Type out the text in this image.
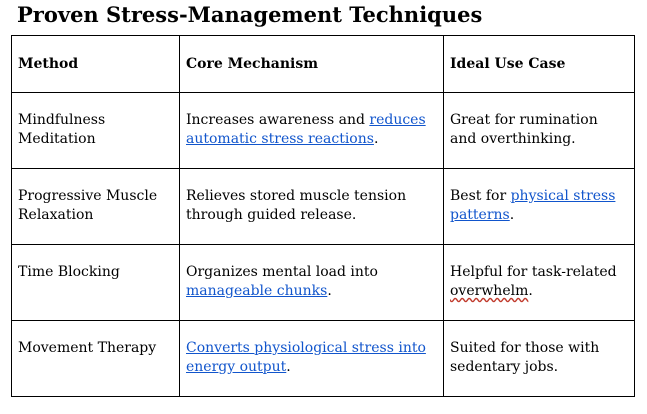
Proven Stress-Management Techniques
Method	Core Mechanism	Ideal Use Case
Mindfulness Meditation	Increases awareness and reduces automatic stress reactions.	Great for rumination and overthinking.
Progressive Muscle Relaxation	Relieves stored muscle tension through guided release.	Best for physical stress patterns.
Time Blocking	Organizes mental load into manageable chunks.	Helpful for task-related overwhelm.
Movement Therapy	Converts physiological stress into energy output.	Suited for those with sedentary jobs.
